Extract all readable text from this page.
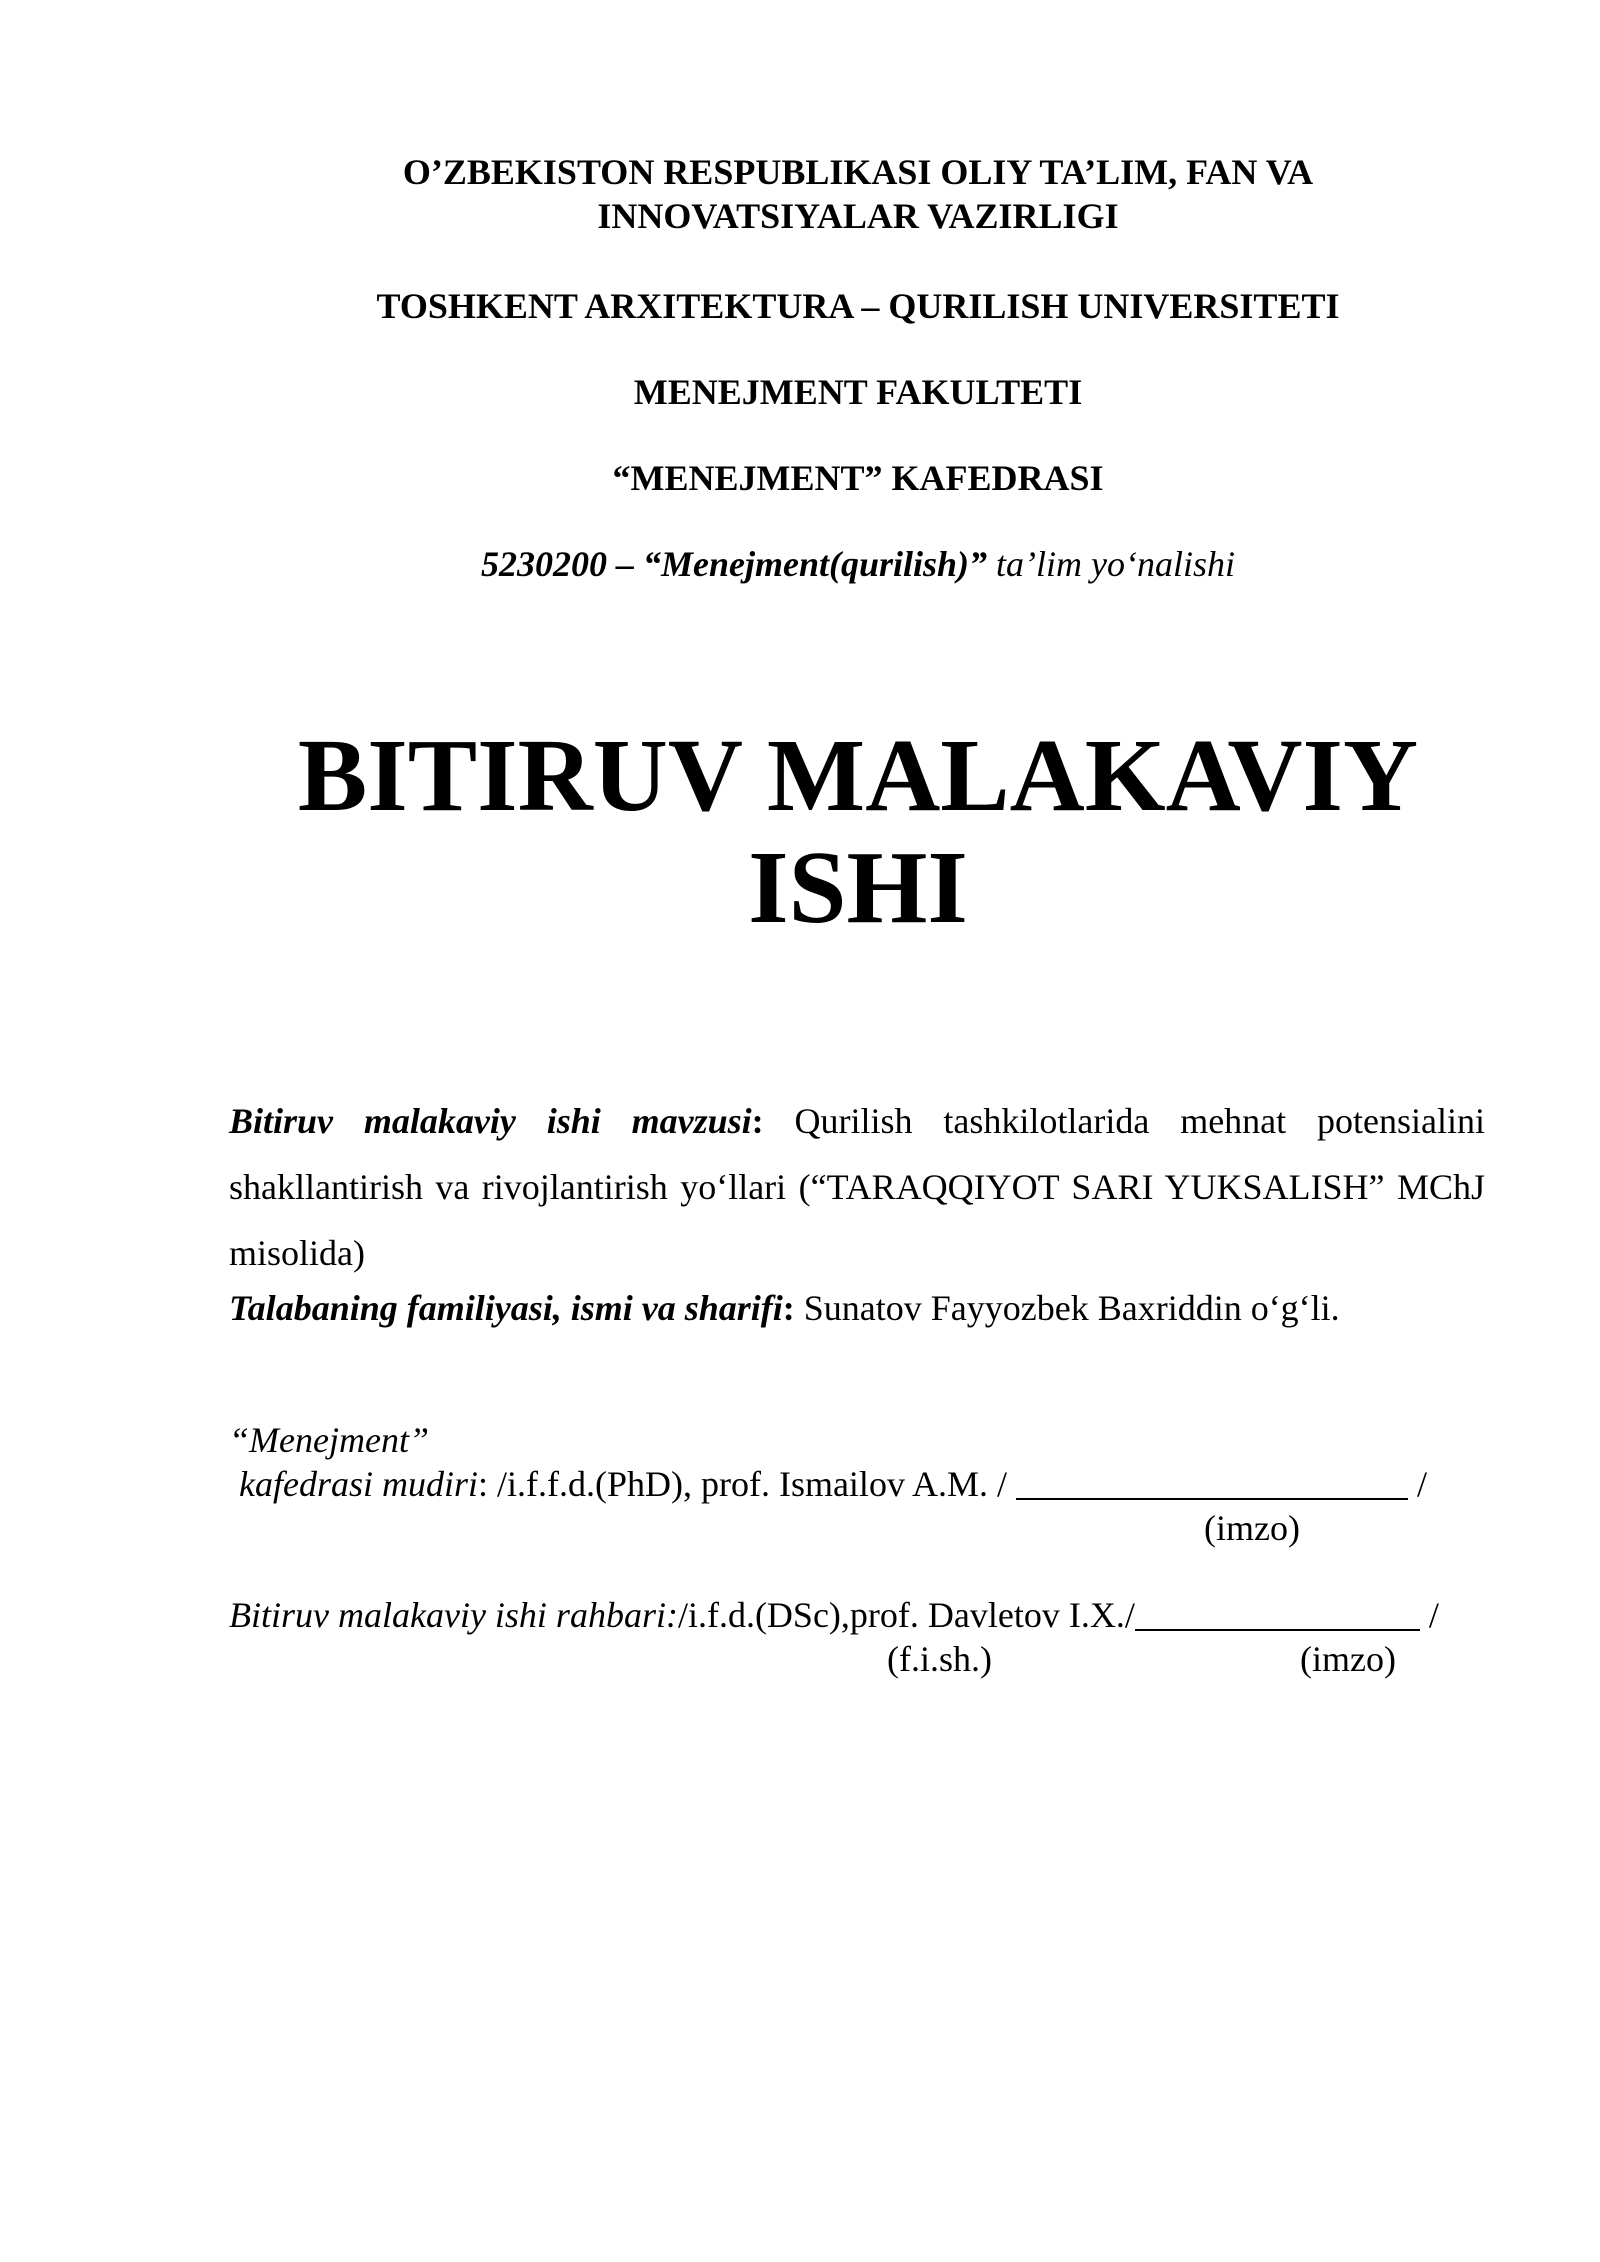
O’ZBEKISTON RESPUBLIKASI OLIY TA’LIM, FAN VA
INNOVATSIYALAR VAZIRLIGI
TOSHKENT ARXITEKTURA – QURILISH UNIVERSITETI
MENEJMENT FAKULTETI
“MENEJMENT” KAFEDRASI
5230200 – “Menejment(qurilish)” ta’lim yo‘nalishi
BITIRUV MALAKAVIY
ISHI
Bitiruv malakaviy ishi mavzusi: Qurilish tashkilotlarida mehnat potensialini shakllantirish va rivojlantirish yo‘llari (“TARAQQIYOT SARI YUKSALISH” MChJ misolida)
Talabaning familiyasi, ismi va sharifi: Sunatov Fayyozbek Baxriddin o‘g‘li.
“Menejment”
kafedrasi mudiri: /i.f.f.d.(PhD), prof. Ismailov A.M. /	/
(imzo)
Bitiruv malakaviy ishi rahbari:/i.f.d.(DSc),prof. Davletov I.X./	/
(f.i.sh.)	(imzo)
